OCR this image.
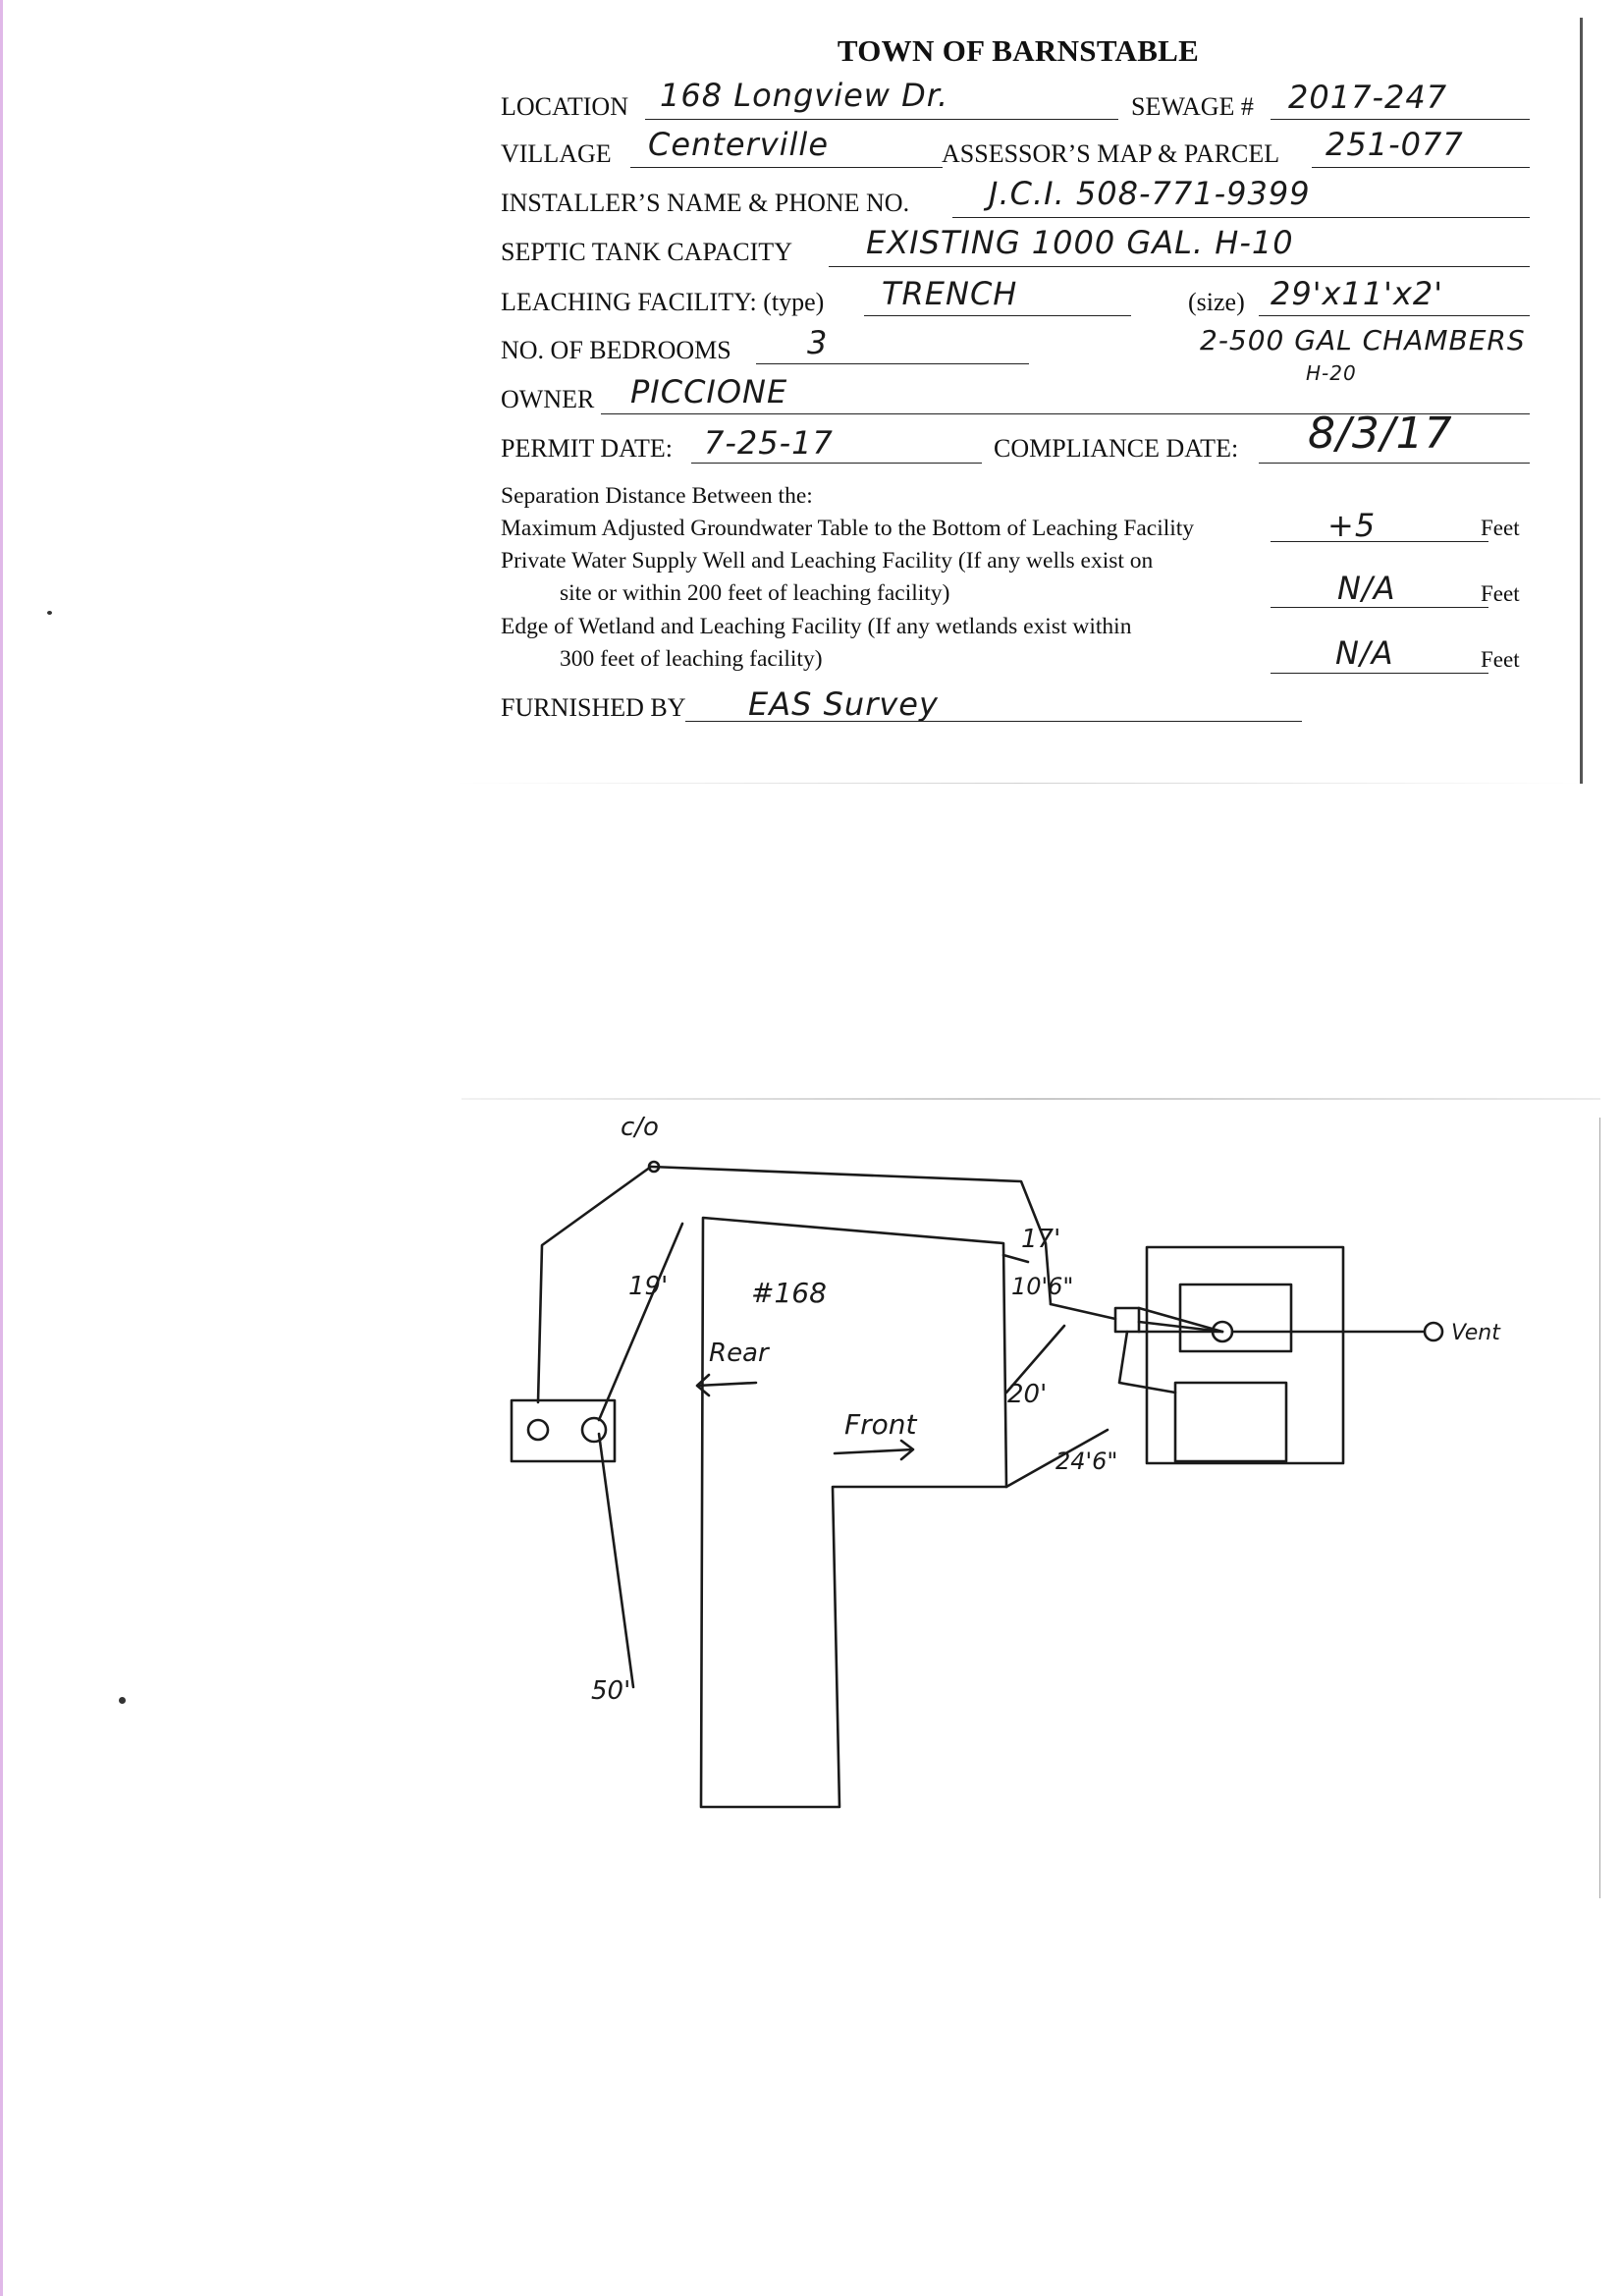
TOWN OF BARNSTABLE
LOCATION 168 Longview Dr.	SEWAGE # 2017-247
VILLAGE Centerville	ASSESSOR’S MAP & PARCEL 251-077
INSTALLER’S NAME & PHONE NO.	J.C.I. 508-771-9399
SEPTIC TANK CAPACITY EXISTING 1000 GAL. H-10
LEACHING FACILITY: (type) TRENCH	(size) 29'x11'x2'
NO. OF BEDROOMS 3	2-500 GAL CHAMBERS
H-20
OWNER PICCIONE
PERMIT DATE: 7-25-17	COMPLIANCE DATE: 8/3/17
Separation Distance Between the:
Maximum Adjusted Groundwater Table to the Bottom of Leaching Facility	+5	Feet
Private Water Supply Well and Leaching Facility (If any wells exist on
site or within 200 feet of leaching facility)	N/A	Feet
Edge of Wetland and Leaching Facility (If any wetlands exist within
300 feet of leaching facility)	N/A	Feet
FURNISHED BY EAS Survey
c/o
#168
Rear
Front
Vent
19'
17'
10'6"
20'
24'6"
50'
